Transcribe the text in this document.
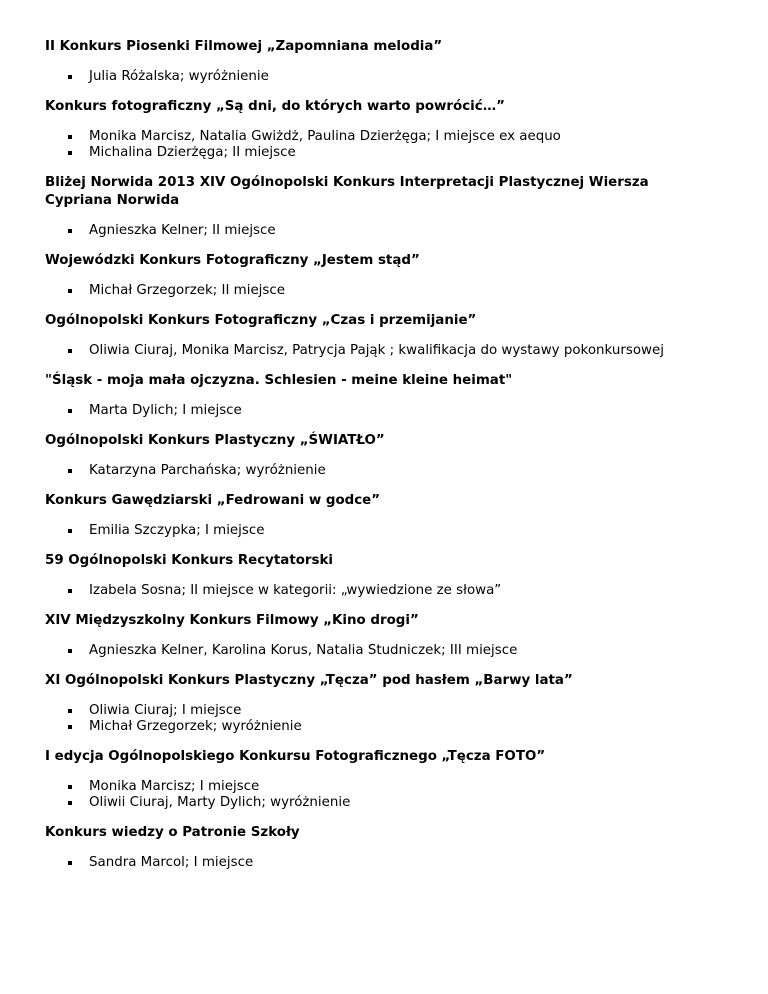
II Konkurs Piosenki Filmowej „Zapomniana melodia”

Julia Różalska; wyróżnienie

Konkurs fotograficzny „Są dni, do których warto powrócić…”

Monika Marcisz, Natalia Gwiżdż, Paulina Dzierżęga; I miejsce ex aequo
Michalina Dzierżęga; II miejsce

Bliżej Norwida 2013 XIV Ogólnopolski Konkurs Interpretacji Plastycznej Wiersza Cypriana Norwida

Agnieszka Kelner; II miejsce

Wojewódzki Konkurs Fotograficzny „Jestem stąd”

Michał Grzegorzek; II miejsce

Ogólnopolski Konkurs Fotograficzny „Czas i przemijanie”

Oliwia Ciuraj, Monika Marcisz, Patrycja Pająk ; kwalifikacja do wystawy pokonkursowej

"Śląsk - moja mała ojczyzna. Schlesien - meine kleine heimat"

Marta Dylich; I miejsce

Ogólnopolski Konkurs Plastyczny „ŚWIATŁO”

Katarzyna Parchańska; wyróżnienie

Konkurs Gawędziarski „Fedrowani w godce”

Emilia Szczypka; I miejsce

59 Ogólnopolski Konkurs Recytatorski

Izabela Sosna; II miejsce w kategorii: „wywiedzione ze słowa”

XIV Międzyszkolny Konkurs Filmowy „Kino drogi”

Agnieszka Kelner, Karolina Korus, Natalia Studniczek; III miejsce

XI Ogólnopolski Konkurs Plastyczny „Tęcza” pod hasłem „Barwy lata”

Oliwia Ciuraj; I miejsce
Michał Grzegorzek; wyróżnienie

I edycja Ogólnopolskiego Konkursu Fotograficznego „Tęcza FOTO”

Monika Marcisz; I miejsce
Oliwii Ciuraj, Marty Dylich; wyróżnienie

Konkurs wiedzy o Patronie Szkoły

Sandra Marcol; I miejsce
